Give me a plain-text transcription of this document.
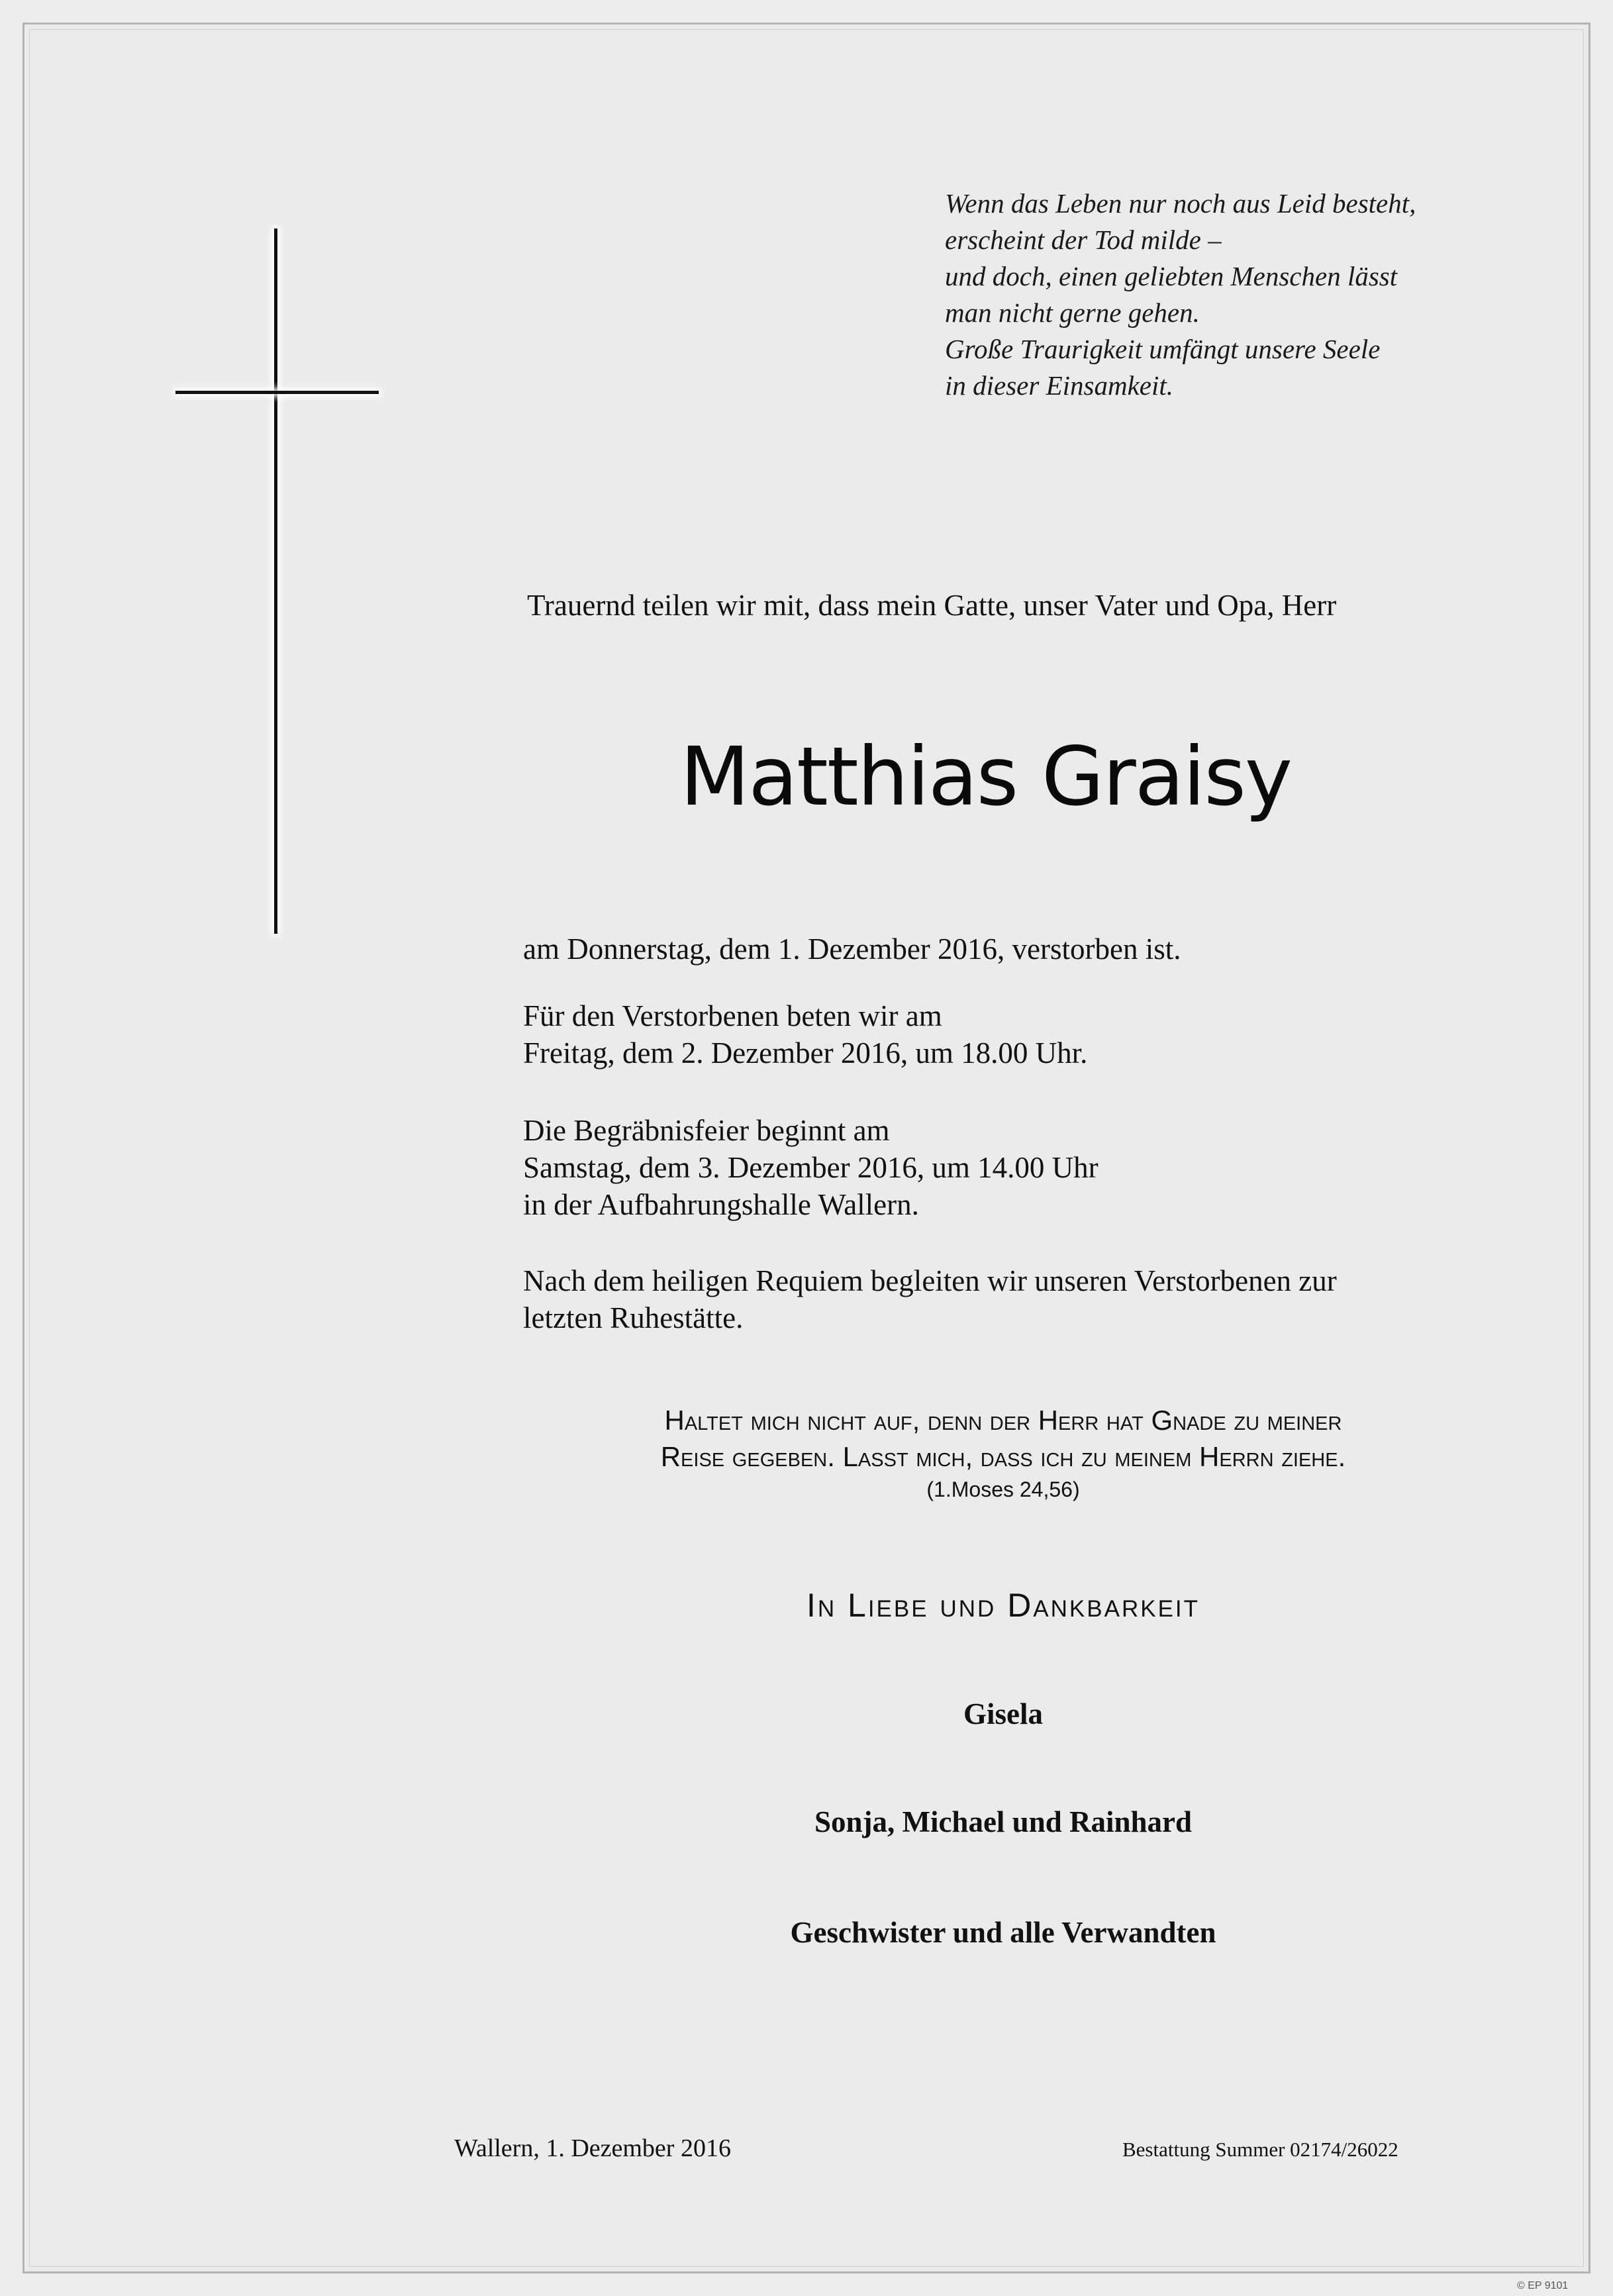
Wenn das Leben nur noch aus Leid besteht,
erscheint der Tod milde –
und doch, einen geliebten Menschen lässt
man nicht gerne gehen.
Große Traurigkeit umfängt unsere Seele
in dieser Einsamkeit.
Trauernd teilen wir mit, dass mein Gatte, unser Vater und Opa, Herr
Matthias Graisy
am Donnerstag, dem 1. Dezember 2016, verstorben ist.
Für den Verstorbenen beten wir am
Freitag, dem 2. Dezember 2016, um 18.00 Uhr.
Die Begräbnisfeier beginnt am
Samstag, dem 3. Dezember 2016, um 14.00 Uhr
in der Aufbahrungshalle Wallern.
Nach dem heiligen Requiem begleiten wir unseren Verstorbenen zur
letzten Ruhestätte.
Haltet mich nicht auf, denn der Herr hat Gnade zu meiner
Reise gegeben. Lasst mich, dass ich zu meinem Herrn ziehe.
(1.Moses 24,56)
In Liebe und Dankbarkeit
Gisela
Sonja, Michael und Rainhard
Geschwister und alle Verwandten
Wallern, 1. Dezember 2016	Bestattung Summer 02174/26022
© EP 9101
